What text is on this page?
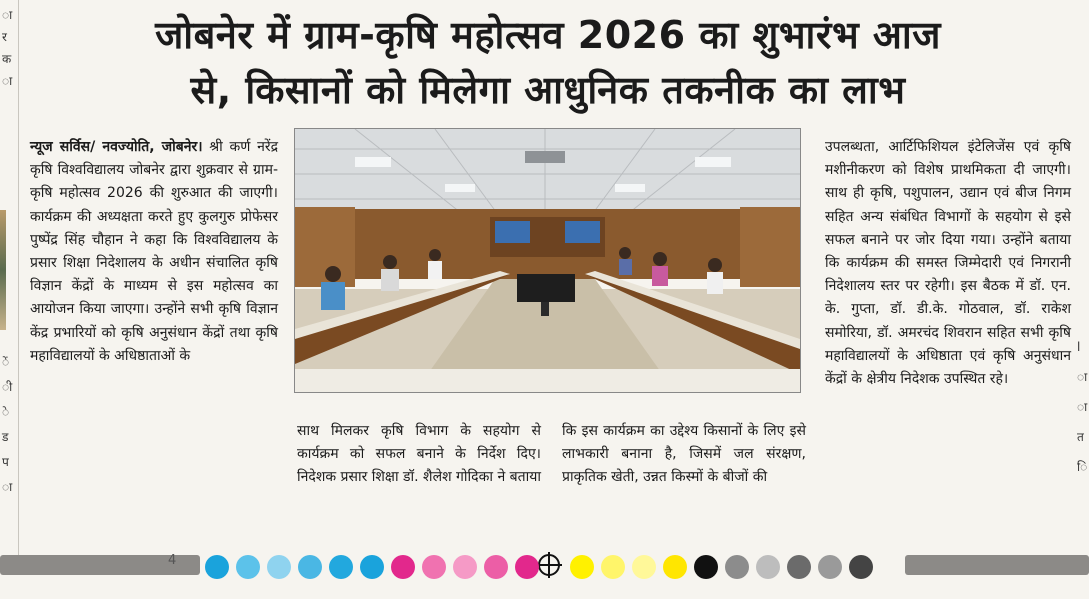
ा
र
क
ा
ें
ी
े
ड
प
ा
l
ा
ा
त
ि
जोबनेर में ग्राम-कृषि महोत्सव 2026 का शुभारंभ आज
से, किसानों को मिलेगा आधुनिक तकनीक का लाभ

न्यूज सर्विस/ नवज्योति, जोबनेर। श्री कर्ण नरेंद्र कृषि विश्वविद्यालय जोबनेर द्वारा शुक्रवार से ग्राम-कृषि महोत्सव 2026 की शुरुआत की जाएगी। कार्यक्रम की अध्यक्षता करते हुए कुलगुरु प्रोफेसर पुष्पेंद्र सिंह चौहान ने कहा कि विश्वविद्यालय के प्रसार शिक्षा निदेशालय के अधीन संचालित कृषि विज्ञान केंद्रों के माध्यम से इस महोत्सव का आयोजन किया जाएगा। उन्होंने सभी कृषि विज्ञान केंद्र प्रभारियों को कृषि अनुसंधान केंद्रों तथा कृषि महाविद्यालयों के अधिष्ठाताओं के

साथ मिलकर कृषि विभाग के सहयोग से कार्यक्रम को सफल बनाने के निर्देश दिए। निदेशक प्रसार शिक्षा डॉ. शैलेश गोदिका ने बताया

कि इस कार्यक्रम का उद्देश्य किसानों के लिए इसे लाभकारी बनाना है, जिसमें जल संरक्षण, प्राकृतिक खेती, उन्नत किस्मों के बीजों की

उपलब्धता, आर्टिफिशियल इंटेलिजेंस एवं कृषि मशीनीकरण को विशेष प्राथमिकता दी जाएगी। साथ ही कृषि, पशुपालन, उद्यान एवं बीज निगम सहित अन्य संबंधित विभागों के सहयोग से इसे सफल बनाने पर जोर दिया गया। उन्होंने बताया कि कार्यक्रम की समस्त जिम्मेदारी एवं निगरानी निदेशालय स्तर पर रहेगी। इस बैठक में डॉ. एन. के. गुप्ता, डॉ. डी.के. गोठवाल, डॉ. राकेश समोरिया, डॉ. अमरचंद शिवरान सहित सभी कृषि महाविद्यालयों के अधिष्ठाता एवं कृषि अनुसंधान केंद्रों के क्षेत्रीय निदेशक उपस्थित रहे।

4
